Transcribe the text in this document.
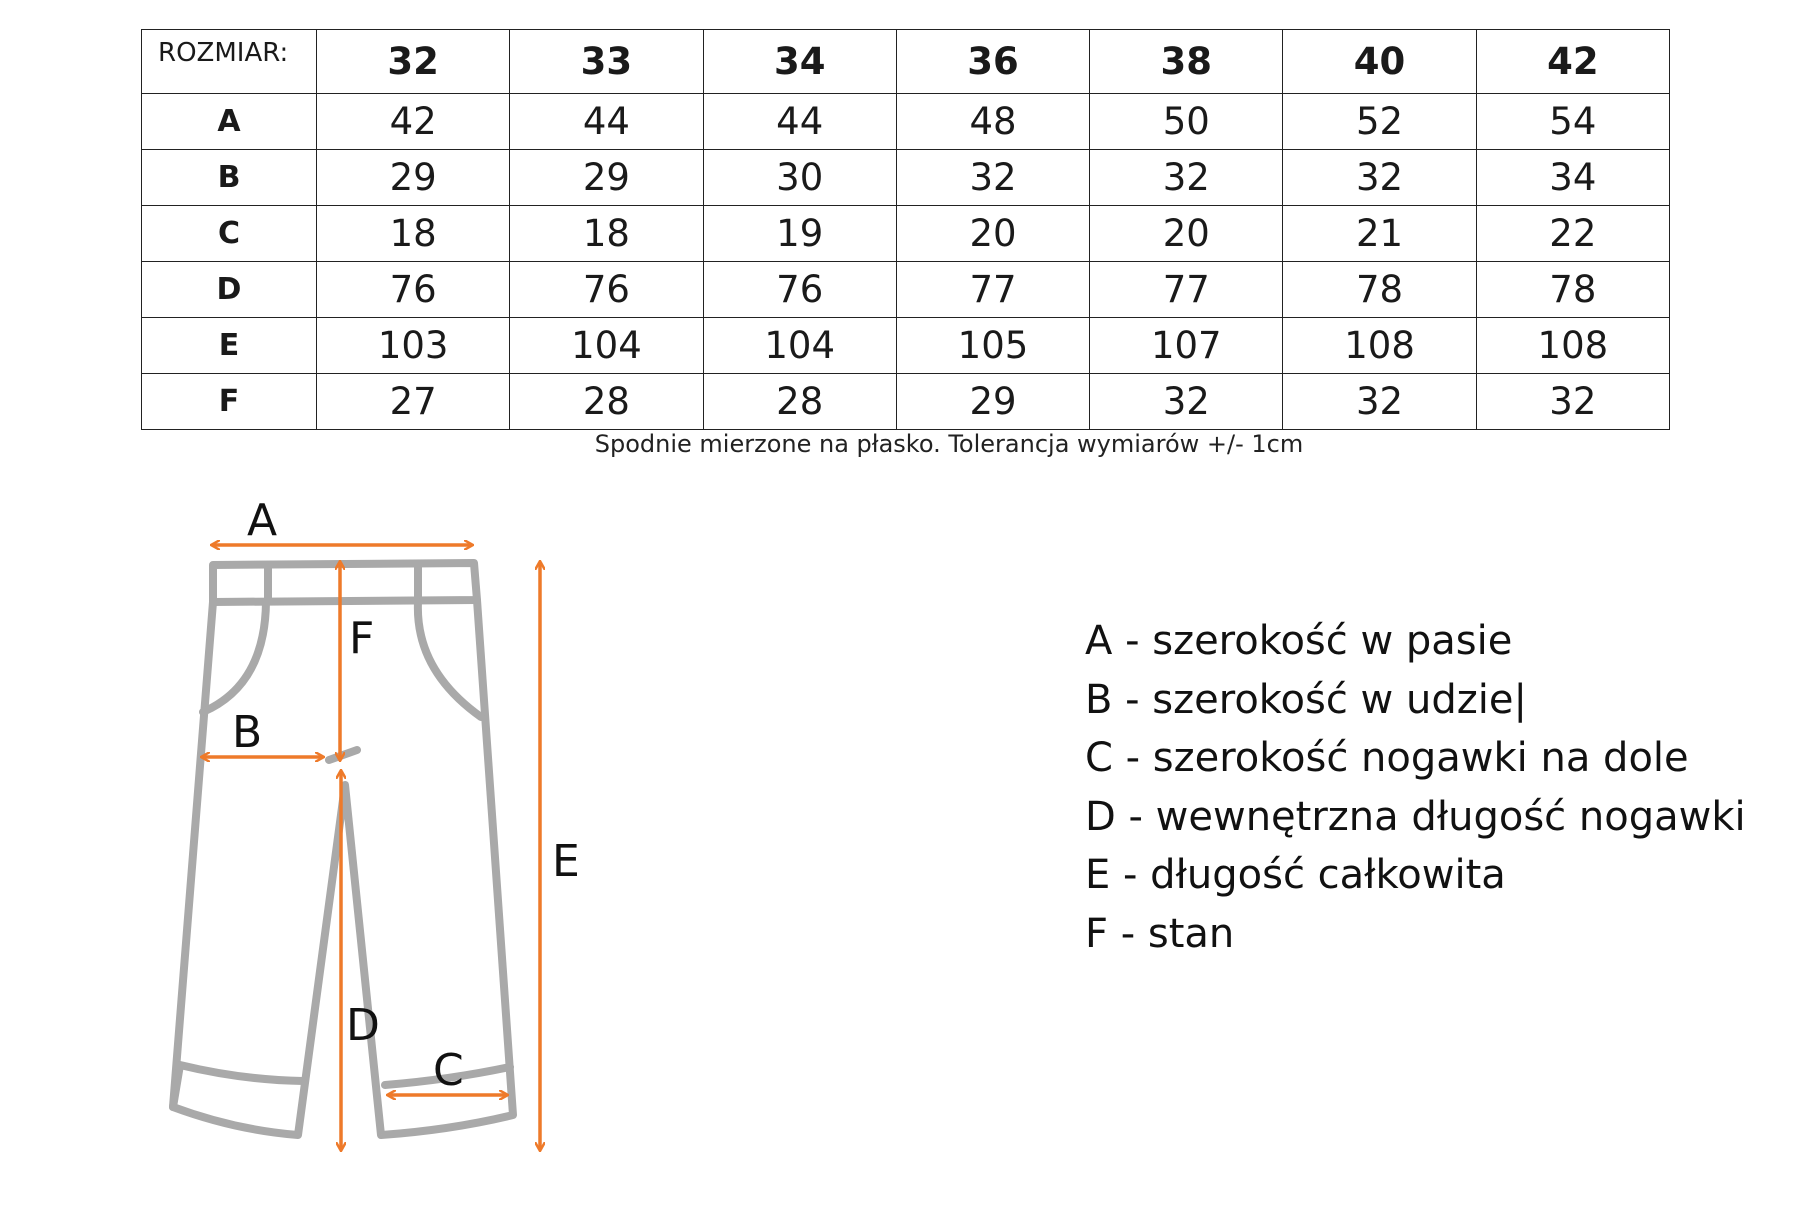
ROZMIAR:	32	33	34	36	38	40	42
A	42	44	44	48	50	52	54
B	29	29	30	32	32	32	34
C	18	18	19	20	20	21	22
D	76	76	76	77	77	78	78
E	103	104	104	105	107	108	108
F	27	28	28	29	32	32	32
Spodnie mierzone na płasko. Tolerancja wymiarów +/- 1cm
A
B
C
D
E
F	A - szerokość w pasie
B - szerokość w udzie|
C - szerokość nogawki na dole
D - wewnętrzna długość nogawki
E - długość całkowita
F - stan
